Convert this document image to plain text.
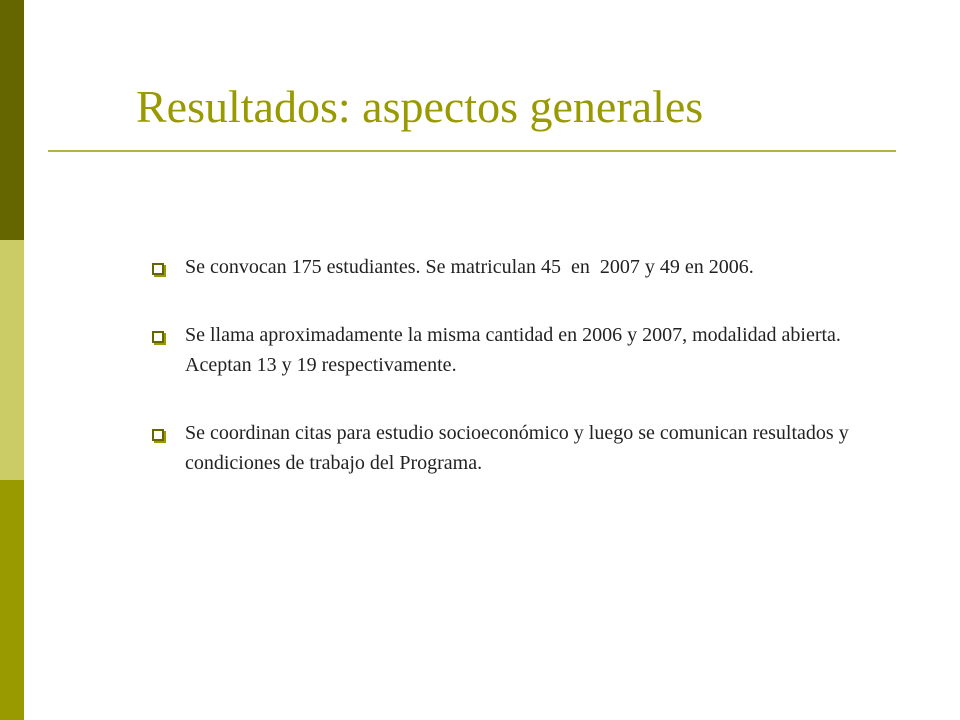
Resultados: aspectos generales
Se convocan 175 estudiantes. Se matriculan 45  en  2007 y 49 en 2006.
Se llama aproximadamente la misma cantidad en 2006 y 2007, modalidad abierta. Aceptan 13 y 19 respectivamente.
Se coordinan citas para estudio socioeconómico y luego se comunican resultados y condiciones de trabajo del Programa.
